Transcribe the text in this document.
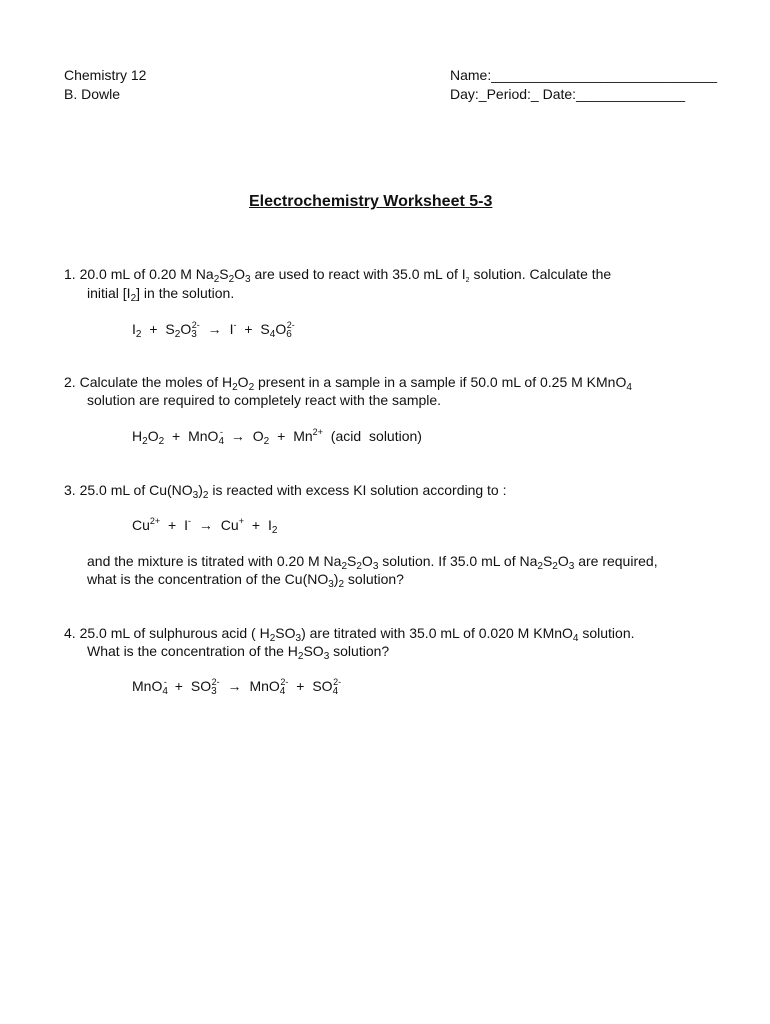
Chemistry 12
B. Dowle
Name:_____________________________
Day:_Period:_ Date:______________
Electrochemistry Worksheet 5-3
1. 20.0 mL of 0.20 M $Na_2S_2O_3$ are used to react with 35.0 mL of $I_2$ solution. Calculate the
initial $[I_2]$ in the solution.
$I_2 + S_2O_3^{2-} \to I^- + S_4O_6^{2-}$
2. Calculate the moles of $H_2O_2$ present in a sample in a sample if 50.0 mL of 0.25 M KMnO$_4$
solution are required to completely react with the sample.
$H_2O_2 + MnO_4^- \to O_2 + Mn^{2+}$ (acid solution)
3. 25.0 mL of $Cu(NO_3)_2$ is reacted with excess KI solution according to :
$Cu^{2+} + I^- \to Cu^+ + I_2$
and the mixture is titrated with 0.20 M $Na_2S_2O_3$ solution. If 35.0 mL of $Na_2S_2O_3$ are required,
what is the concentration of the $Cu(NO_3)_2$ solution?
4. 25.0 mL of sulphurous acid ( $H_2SO_3$) are titrated with 35.0 mL of 0.020 M KMnO$_4$ solution.
What is the concentration of the $H_2SO_3$ solution?
$MnO_4^- + SO_3^{2-} \to MnO_4^{2-} + SO_4^{2-}$
